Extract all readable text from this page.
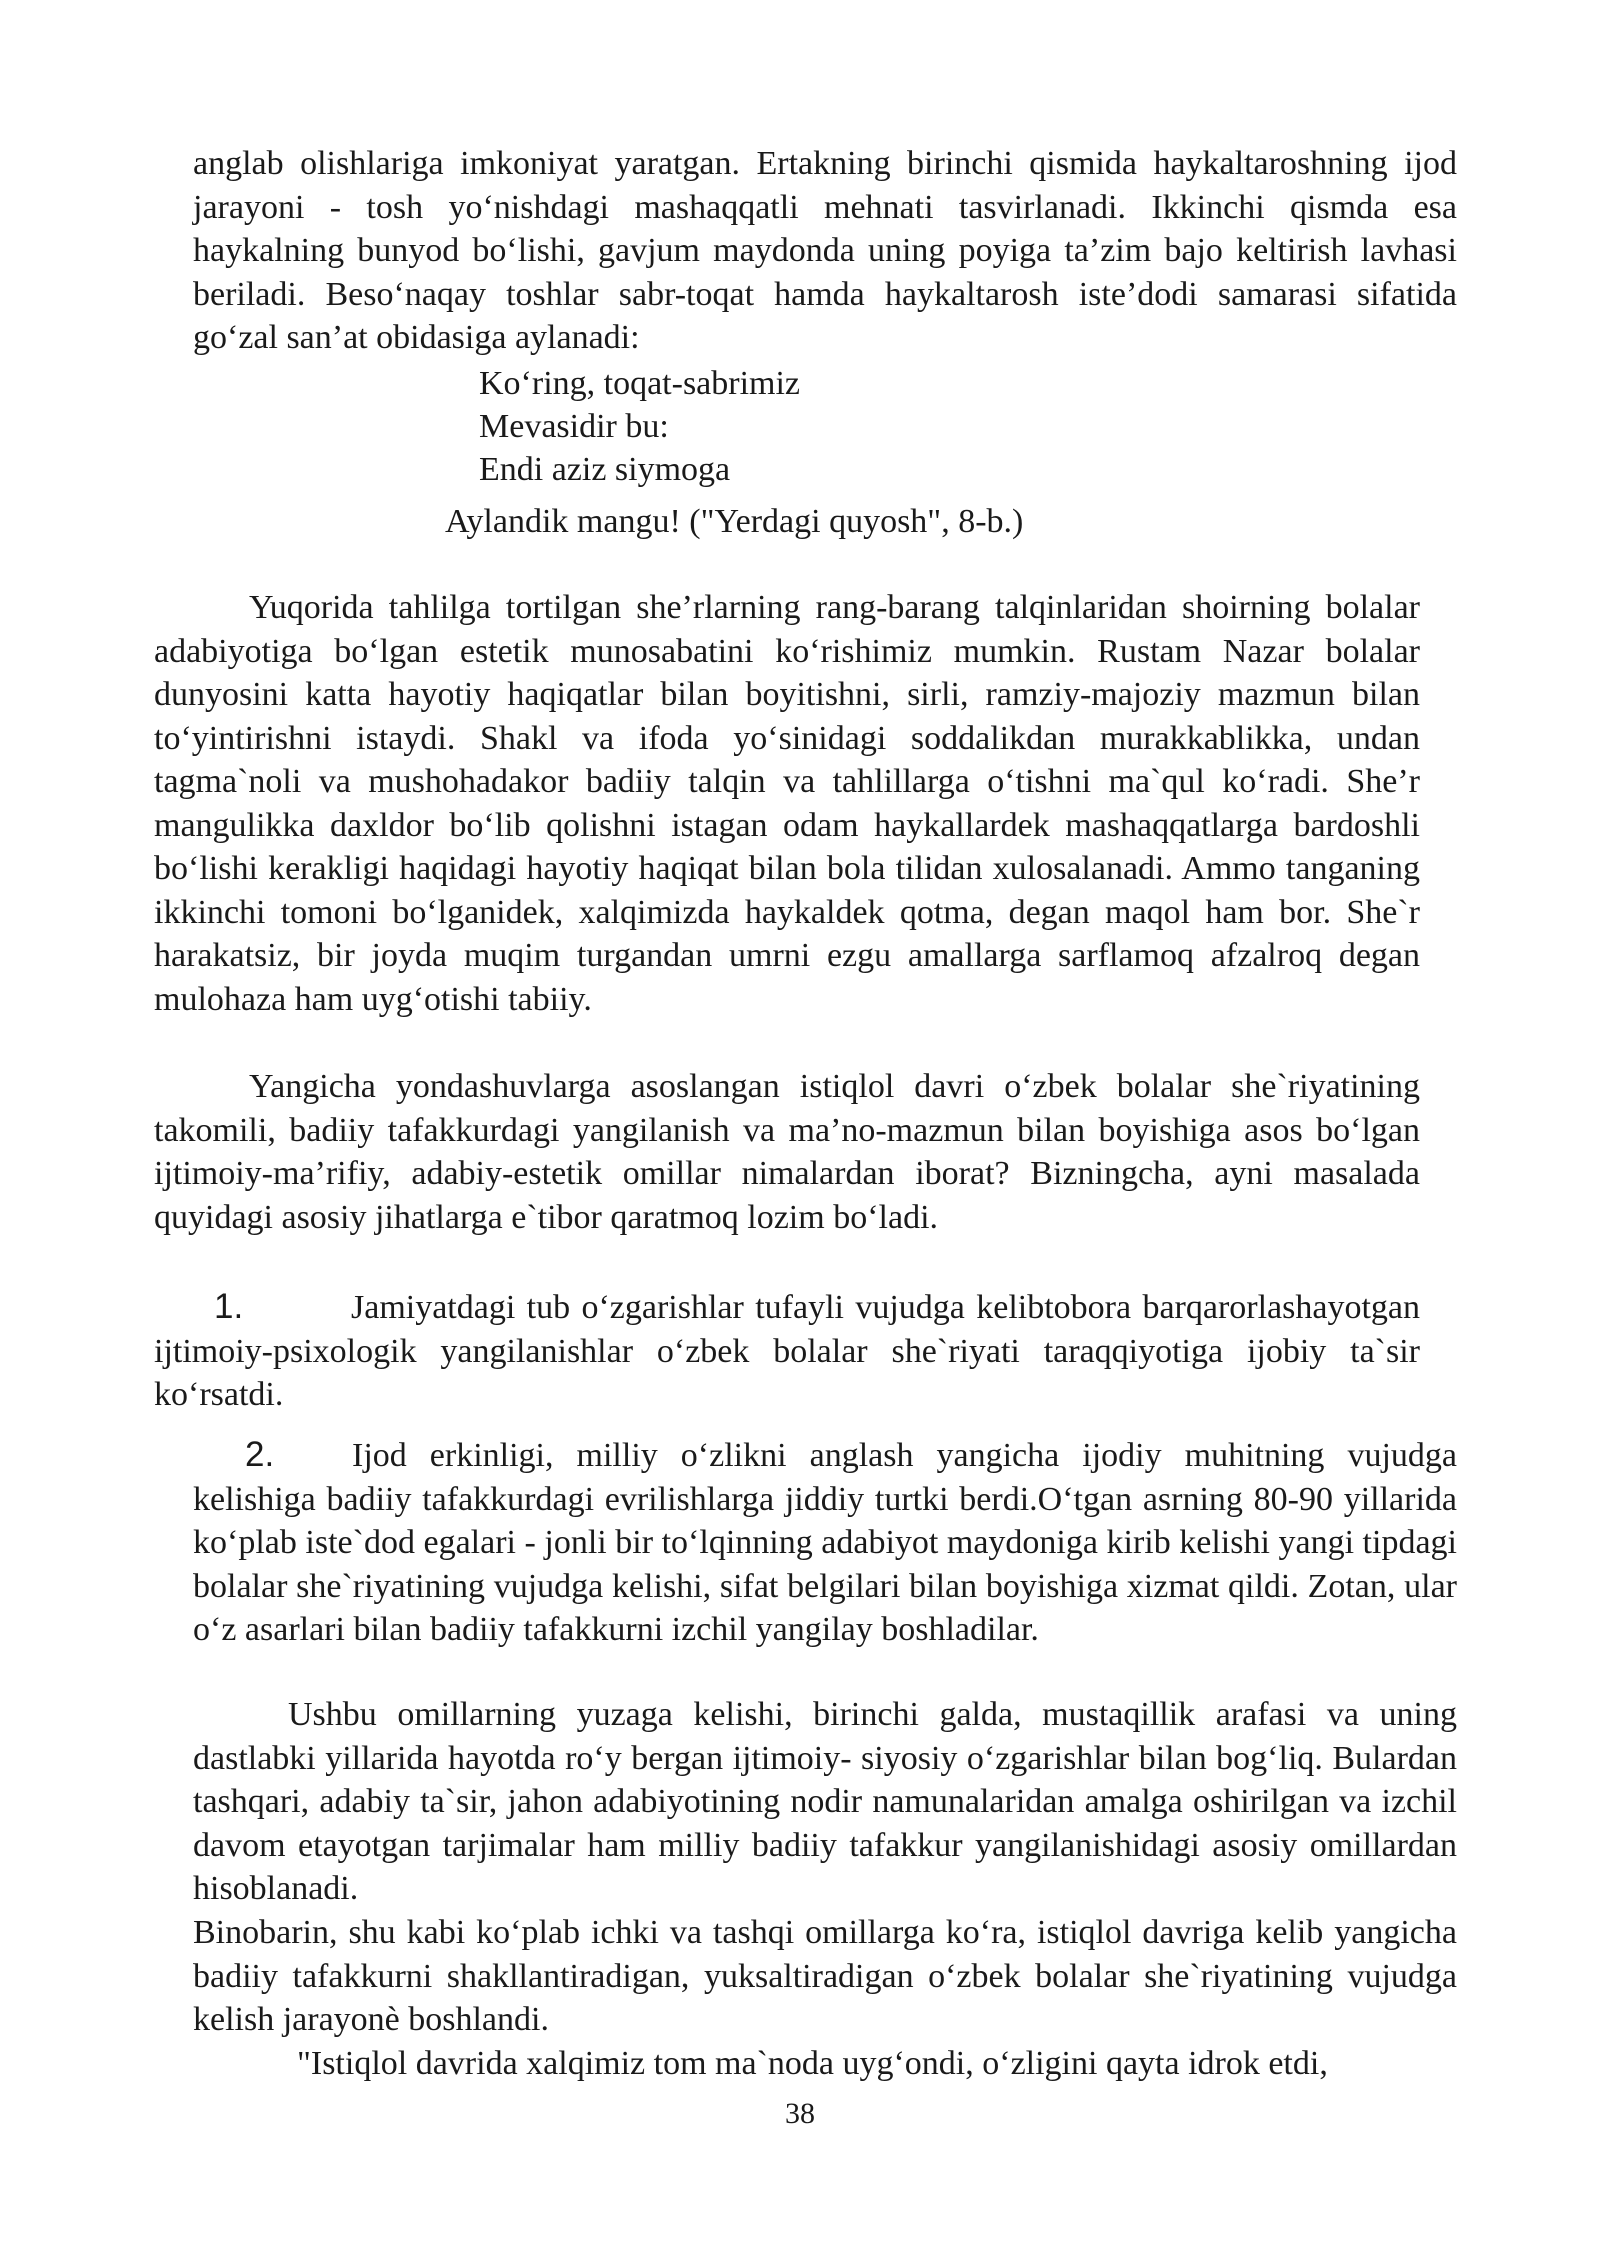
anglab olishlariga imkoniyat yaratgan. Ertakning birinchi qismida haykaltaroshning ijod jarayoni - tosh yo‘nishdagi mashaqqatli mehnati tasvirlanadi. Ikkinchi qismda esa haykalning bunyod bo‘lishi, gavjum maydonda uning poyiga ta’zim bajo keltirish lavhasi beriladi. Beso‘naqay toshlar sabr-toqat hamda haykaltarosh iste’dodi samarasi sifatida go‘zal san’at obidasiga aylanadi:

Ko‘ring, toqat-sabrimiz

Mevasidir bu:

Endi aziz siymoga

Aylandik mangu! ("Yerdagi quyosh", 8-b.)

Yuqorida tahlilga tortilgan she’rlarning rang-barang talqinlaridan shoirning bolalar adabiyotiga bo‘lgan estetik munosabatini ko‘rishimiz mumkin. Rustam Nazar bolalar dunyosini katta hayotiy haqiqatlar bilan boyitishni, sirli, ramziy-majoziy mazmun bilan to‘yintirishni istaydi. Shakl va ifoda yo‘sinidagi soddalikdan murakkablikka, undan tagma`noli va mushohadakor badiiy talqin va tahlillarga o‘tishni ma`qul ko‘radi. She’r mangulikka daxldor bo‘lib qolishni istagan odam haykallardek mashaqqatlarga bardoshli bo‘lishi kerakligi haqidagi hayotiy haqiqat bilan bola tilidan xulosalanadi. Ammo tanganing ikkinchi tomoni bo‘lganidek, xalqimizda haykaldek qotma, degan maqol ham bor. She`r harakatsiz, bir joyda muqim turgandan umrni ezgu amallarga sarflamoq afzalroq degan mulohaza ham uyg‘otishi tabiiy.

Yangicha yondashuvlarga asoslangan istiqlol davri o‘zbek bolalar she`riyatining takomili, badiiy tafakkurdagi yangilanish va ma’no-mazmun bilan boyishiga asos bo‘lgan ijtimoiy-ma’rifiy, adabiy-estetik omillar nimalardan iborat? Bizningcha, ayni masalada quyidagi asosiy jihatlarga e`tibor qaratmoq lozim bo‘ladi.

1.	Jamiyatdagi tub o‘zgarishlar tufayli vujudga kelibtobora barqarorlashayotgan ijtimoiy-psixologik yangilanishlar o‘zbek bolalar she`riyati taraqqiyotiga ijobiy ta`sir ko‘rsatdi.
2. Ijod erkinligi, milliy o‘zlikni anglash yangicha ijodiy muhitning vujudga kelishiga badiiy tafakkurdagi evrilishlarga jiddiy turtki berdi.O‘tgan asrning 80-90 yillarida ko‘plab iste`dod egalari - jonli bir to‘lqinning adabiyot maydoniga kirib kelishi yangi tipdagi bolalar she`riyatining vujudga kelishi, sifat belgilari bilan boyishiga xizmat qildi. Zotan, ular o‘z asarlari bilan badiiy tafakkurni izchil yangilay boshladilar.

Ushbu omillarning yuzaga kelishi, birinchi galda, mustaqillik arafasi va uning dastlabki yillarida hayotda ro‘y bergan ijtimoiy- siyosiy o‘zgarishlar bilan bog‘liq. Bulardan tashqari, adabiy ta`sir, jahon adabiyotining nodir namunalaridan amalga oshirilgan va izchil davom etayotgan tarjimalar ham milliy badiiy tafakkur yangilanishidagi asosiy omillardan hisoblanadi.

Binobarin, shu kabi ko‘plab ichki va tashqi omillarga ko‘ra, istiqlol davriga kelib yangicha badiiy tafakkurni shakllantiradigan, yuksaltiradigan o‘zbek bolalar she`riyatining vujudga kelish jarayonè boshlandi.

"Istiqlol davrida xalqimiz tom ma`noda uyg‘ondi, o‘zligini qayta idrok etdi,

38
